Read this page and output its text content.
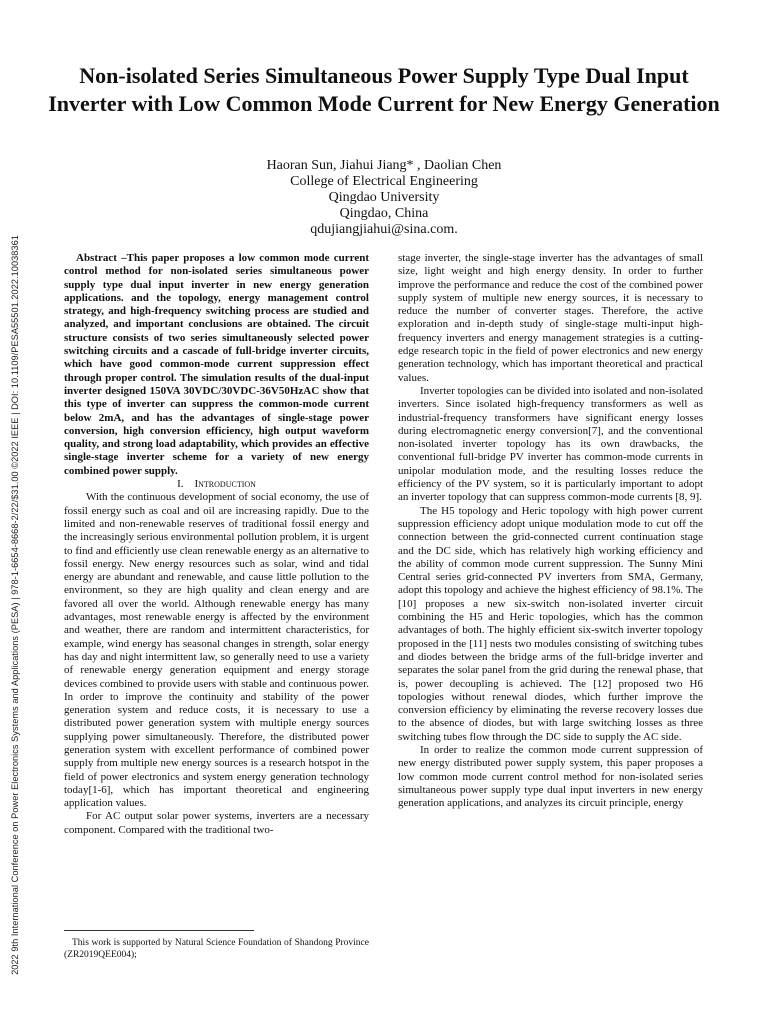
2022 9th International Conference on Power Electronics Systems and Applications (PESA) | 978-1-6654-8668-2/22/$31.00 ©2022 IEEE | DOI: 10.1109/PESA55501.2022.10038361
Non-isolated Series Simultaneous Power Supply Type Dual Input Inverter with Low Common Mode Current for New Energy Generation
Haoran Sun, Jiahui Jiang* , Daolian Chen
College of Electrical Engineering
Qingdao University
Qingdao, China
qdujiangjiahui@sina.com.

Abstract –This paper proposes a low common mode current control method for non-isolated series simultaneous power supply type dual input inverter in new energy generation applications. and the topology, energy management control strategy, and high-frequency switching process are studied and analyzed, and important conclusions are obtained. The circuit structure consists of two series simultaneously selected power switching circuits and a cascade of full-bridge inverter circuits, which have good common-mode current suppression effect through proper control. The simulation results of the dual-input inverter designed 150VA 30VDC/30VDC-36V50HzAC show that this type of inverter can suppress the common-mode current below 2mA, and has the advantages of single-stage power conversion, high conversion efficiency, high output waveform quality, and strong load adaptability, which provides an effective single-stage inverter scheme for a variety of new energy combined power supply.

I. Introduction

With the continuous development of social economy, the use of fossil energy such as coal and oil are increasing rapidly. Due to the limited and non-renewable reserves of traditional fossil energy and the increasingly serious environmental pollution problem, it is urgent to find and efficiently use clean renewable energy as an alternative to fossil energy. New energy resources such as solar, wind and tidal energy are abundant and renewable, and cause little pollution to the environment, so they are high quality and clean energy and are favored all over the world. Although renewable energy has many advantages, most renewable energy is affected by the environment and weather, there are random and intermittent characteristics, for example, wind energy has seasonal changes in strength, solar energy has day and night intermittent law, so generally need to use a variety of renewable energy generation equipment and energy storage devices combined to provide users with stable and continuous power. In order to improve the continuity and stability of the power generation system and reduce costs, it is necessary to use a distributed power generation system with multiple energy sources supplying power simultaneously. Therefore, the distributed power generation system with excellent performance of combined power supply from multiple new energy sources is a research hotspot in the field of power electronics and system energy generation technology today[1-6], which has important theoretical and engineering application values.

For AC output solar power systems, inverters are a necessary component. Compared with the traditional two-

stage inverter, the single-stage inverter has the advantages of small size, light weight and high energy density. In order to further improve the performance and reduce the cost of the combined power supply system of multiple new energy sources, it is necessary to reduce the number of converter stages. Therefore, the active exploration and in-depth study of single-stage multi-input high-frequency inverters and energy management strategies is a cutting-edge research topic in the field of power electronics and new energy generation technology, which has important theoretical and practical values.

Inverter topologies can be divided into isolated and non-isolated inverters. Since isolated high-frequency transformers as well as industrial-frequency transformers have significant energy losses during electromagnetic energy conversion[7], and the conventional non-isolated inverter topology has its own drawbacks, the conventional full-bridge PV inverter has common-mode currents in unipolar modulation mode, and the resulting losses reduce the efficiency of the PV system, so it is particularly important to adopt an inverter topology that can suppress common-mode currents [8, 9].

The H5 topology and Heric topology with high power current suppression efficiency adopt unique modulation mode to cut off the connection between the grid-connected current continuation stage and the DC side, which has relatively high working efficiency and the ability of common mode current suppression. The Sunny Mini Central series grid-connected PV inverters from SMA, Germany, adopt this topology and achieve the highest efficiency of 98.1%. The [10] proposes a new six-switch non-isolated inverter circuit combining the H5 and Heric topologies, which has the common advantages of both. The highly efficient six-switch inverter topology proposed in the [11] nests two modules consisting of switching tubes and diodes between the bridge arms of the full-bridge inverter and separates the solar panel from the grid during the renewal phase, that is, power decoupling is achieved. The [12] proposed two H6 topologies without renewal diodes, which further improve the conversion efficiency by eliminating the reverse recovery losses due to the absence of diodes, but with large switching losses as three switching tubes flow through the DC side to supply the AC side.

In order to realize the common mode current suppression of new energy distributed power supply system, this paper proposes a low common mode current control method for non-isolated series simultaneous power supply type dual input inverters in new energy generation applications, and analyzes its circuit principle, energy

This work is supported by Natural Science Foundation of Shandong Province (ZR2019QEE004);
